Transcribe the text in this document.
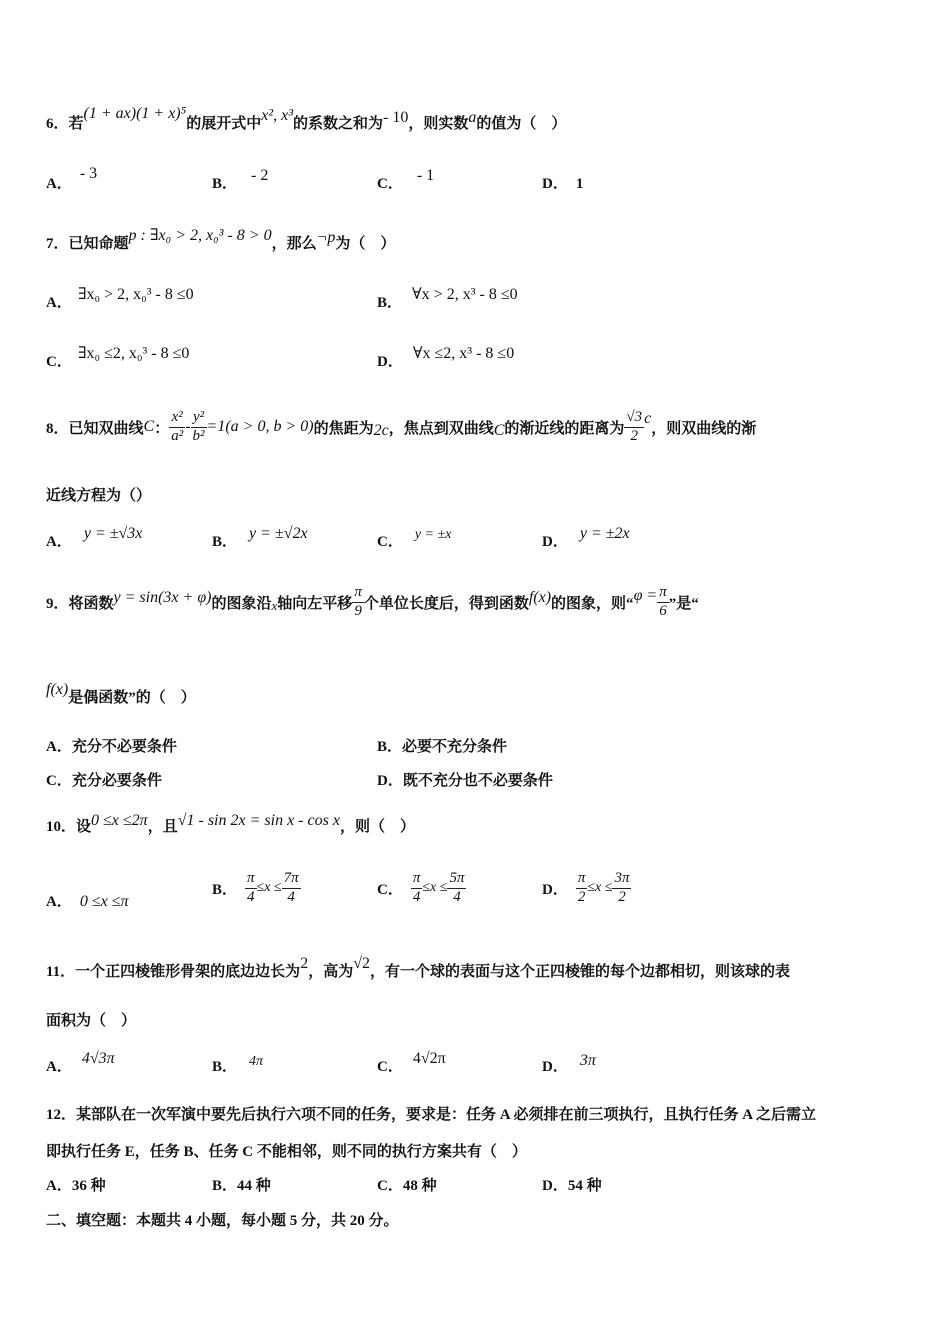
6．若(1 + ax)(1 + x)⁵的展开式中x², x³的系数之和为- 10，则实数a的值为（　）
A．- 3
B． - 2	C． - 1	D． 1
7．已知命题p : ∃x₀ > 2, x₀³ - 8 > 0，那么¬p为（　）
A． ∃x₀ > 2, x₀³ - 8 ≤0	B． ∀x > 2, x³ - 8 ≤0
C． ∃x₀ ≤2, x₀³ - 8 ≤0	D． ∀x ≤2, x³ - 8 ≤0
8．已知双曲线 C ： $\frac{\text{x²}}{\text{a²}} - \frac{\text{y²}}{\text{b²}} =1(a > 0$, b > 0) 的焦距为 2c ，焦点到双曲线 C 的渐近线的距离为 $\frac{√3}{2}$ c
，则双曲线的渐
近线方程为（）
A． y = ±√3x	B． y = ±√2x	C． y = ±x	D． y = ±2x
9．将函数 y = sin(3x + φ) 的图象沿 x 轴向左平移 $\frac{\pi}{9}$ 个单位长度后，得到函数 f(x) 的图象，则“ $\varphi = \frac{\pi}{6}$ ”是“
f(x)是偶函数”的（　）
A．充分不必要条件	B．必要不充分条件
C．充分必要条件	D．既不充分也不必要条件
10．设0 ≤x ≤2π，且√1 - sin 2x = sin x - cos x，则（　）
A． 0 ≤x ≤π
B． $\frac{\pi}{4} \le x \le \frac{7\pi}{4}$	C． $\frac{\pi}{4} \le x \le \frac{5\pi}{4}$	D． $\frac{\pi}{2} \le x \le \frac{3\pi}{2}$
11．一个正四棱锥形骨架的底边边长为2，高为√2，有一个球的表面与这个正四棱锥的每个边都相切，则该球的表
面积为（　）
A． 4√3π	B． 4π	C． 4√2π	D． 3π
12．某部队在一次军演中要先后执行六项不同的任务，要求是：任务 A 必须排在前三项执行，且执行任务 A 之后需立
即执行任务 E，任务 B、任务 C 不能相邻，则不同的执行方案共有（　）
A．36 种	B．44 种	C．48 种	D．54 种
二、填空题：本题共 4 小题，每小题 5 分，共 20 分。
